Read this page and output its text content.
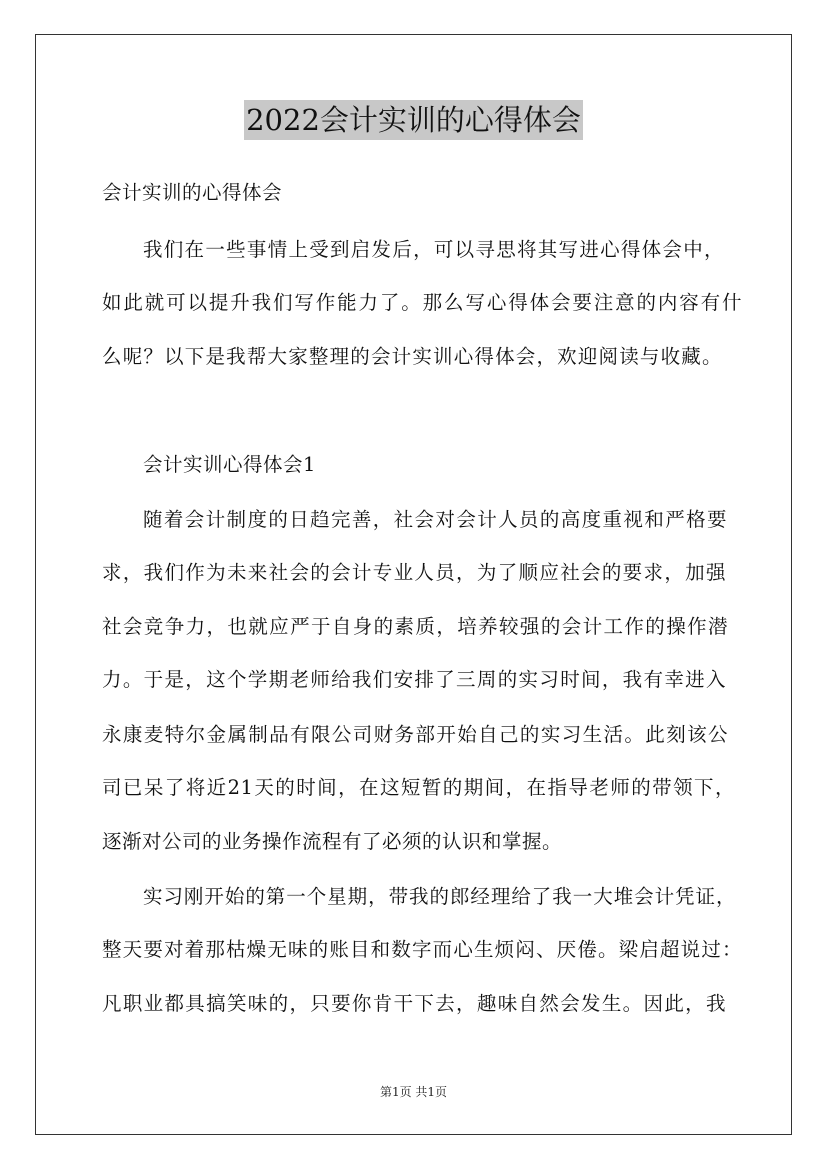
2022会计实训的心得体会
会计实训的心得体会
我们在一些事情上受到启发后，可以寻思将其写进心得体会中，
如此就可以提升我们写作能力了。那么写心得体会要注意的内容有什
么呢？以下是我帮大家整理的会计实训心得体会，欢迎阅读与收藏。
会计实训心得体会1
随着会计制度的日趋完善，社会对会计人员的高度重视和严格要
求，我们作为未来社会的会计专业人员，为了顺应社会的要求，加强
社会竞争力，也就应严于自身的素质，培养较强的会计工作的操作潜
力。于是，这个学期老师给我们安排了三周的实习时间，我有幸进入
永康麦特尔金属制品有限公司财务部开始自己的实习生活。此刻该公
司已呆了将近21天的时间，在这短暂的期间，在指导老师的带领下，
逐渐对公司的业务操作流程有了必须的认识和掌握。
实习刚开始的第一个星期，带我的郎经理给了我一大堆会计凭证，
整天要对着那枯燥无味的账目和数字而心生烦闷、厌倦。梁启超说过：
凡职业都具搞笑味的，只要你肯干下去，趣味自然会发生。因此，我
第1页 共1页
